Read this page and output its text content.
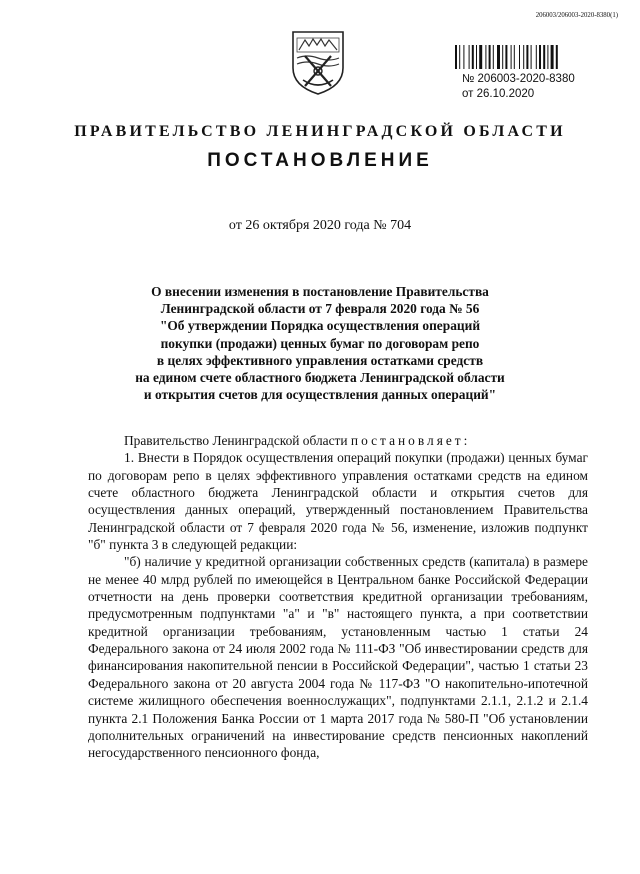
206003/206003-2020-8380(1)
№ 206003-2020-8380
от 26.10.2020
ПРАВИТЕЛЬСТВО ЛЕНИНГРАДСКОЙ ОБЛАСТИ
ПОСТАНОВЛЕНИЕ
от 26 октября 2020 года № 704
О внесении изменения в постановление Правительства
Ленинградской области от 7 февраля 2020 года № 56
"Об утверждении Порядка осуществления операций
покупки (продажи) ценных бумаг по договорам репо
в целях эффективного управления остатками средств
на едином счете областного бюджета Ленинградской области
и открытия счетов для осуществления данных операций"

Правительство Ленинградской области постановляет:

1. Внести в Порядок осуществления операций покупки (продажи) ценных бумаг по договорам репо в целях эффективного управления остатками средств на едином счете областного бюджета Ленинградской области и открытия счетов для осуществления данных операций, утвержденный постановлением Правительства Ленинградской области от 7 февраля 2020 года № 56, изменение, изложив подпункт "б" пункта 3 в следующей редакции:

"б) наличие у кредитной организации собственных средств (капитала) в размере не менее 40 млрд рублей по имеющейся в Центральном банке Российской Федерации отчетности на день проверки соответствия кредитной организации требованиям, предусмотренным подпунктами "а" и "в" настоящего пункта, а при соответствии кредитной организации требованиям, установленным частью 1 статьи 24 Федерального закона от 24 июля 2002 года № 111-ФЗ "Об инвестировании средств для финансирования накопительной пенсии в Российской Федерации", частью 1 статьи 23 Федерального закона от 20 августа 2004 года № 117-ФЗ "О накопительно-ипотечной системе жилищного обеспечения военнослужащих", подпунктами 2.1.1, 2.1.2 и 2.1.4 пункта 2.1 Положения Банка России от 1 марта 2017 года № 580-П "Об установлении дополнительных ограничений на инвестирование средств пенсионных накоплений негосударственного пенсионного фонда,
